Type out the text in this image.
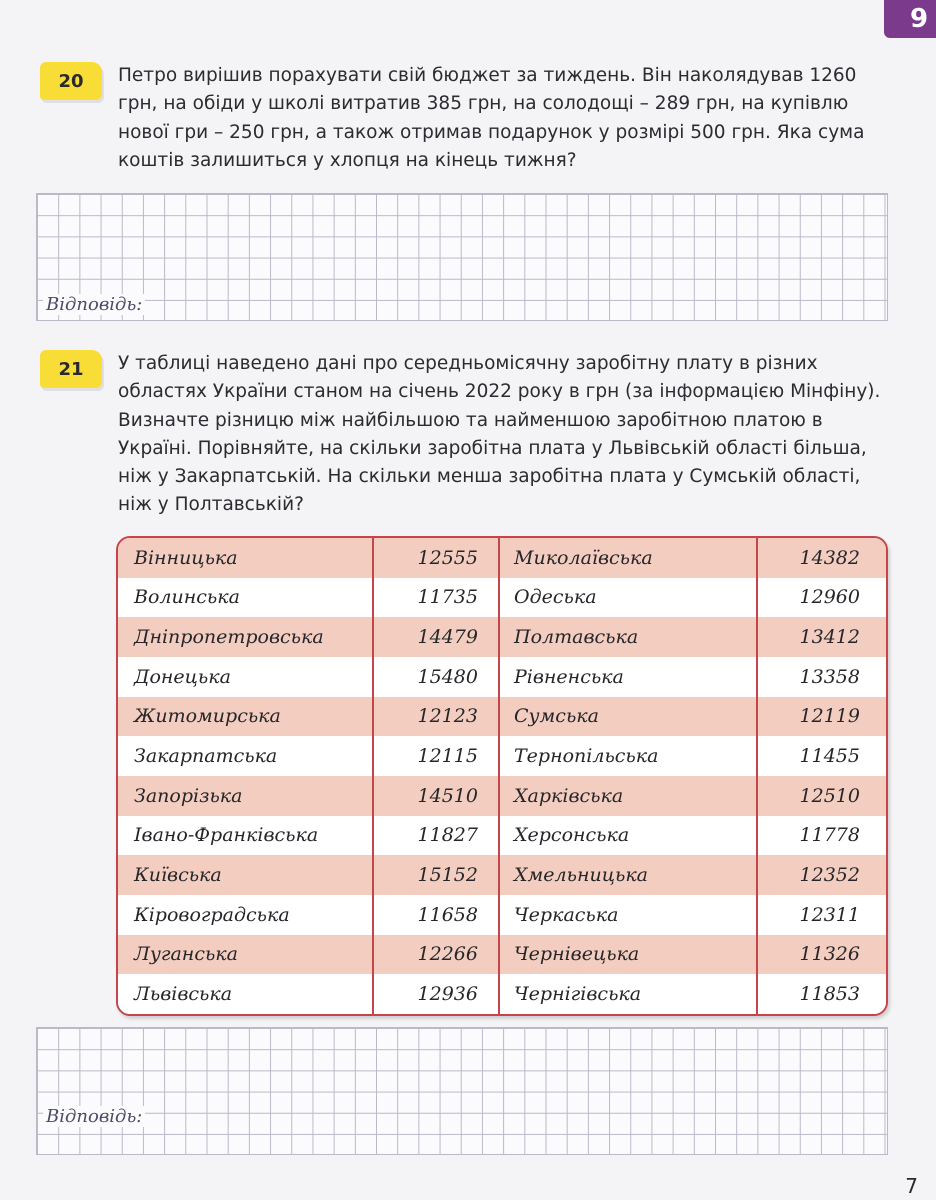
9
20	Петро вирішив порахувати свій бюджет за тиждень. Він наколядував 1260 грн, на обіди у школі витратив 385 грн, на солодощі – 289 грн, на купівлю нової гри – 250 грн, а також отримав подарунок у розмірі 500 грн. Яка сума коштів залишиться у хлопця на кінець тижня?
Відповідь:
21	У таблиці наведено дані про середньомісячну заробітну плату в різних областях України станом на січень 2022 року в грн (за інформацією Мінфіну). Визначте різницю між найбільшою та найменшою заробітною платою в Україні. Порівняйте, на скільки заробітна плата у Львівській області більша, ніж у Закарпатській. На скільки менша заробітна плата у Сумській області, ніж у Полтавській?
Вінницька	12555	Миколаївська	14382
Волинська	11735	Одеська	12960
Дніпропетровська	14479	Полтавська	13412
Донецька	15480	Рівненська	13358
Житомирська	12123	Сумська	12119
Закарпатська	12115	Тернопільська	11455
Запорізька	14510	Харківська	12510
Івано-Франківська	11827	Херсонська	11778
Київська	15152	Хмельницька	12352
Кіровоградська	11658	Черкаська	12311
Луганська	12266	Чернівецька	11326
Львівська	12936	Чернігівська	11853
Відповідь:
7
